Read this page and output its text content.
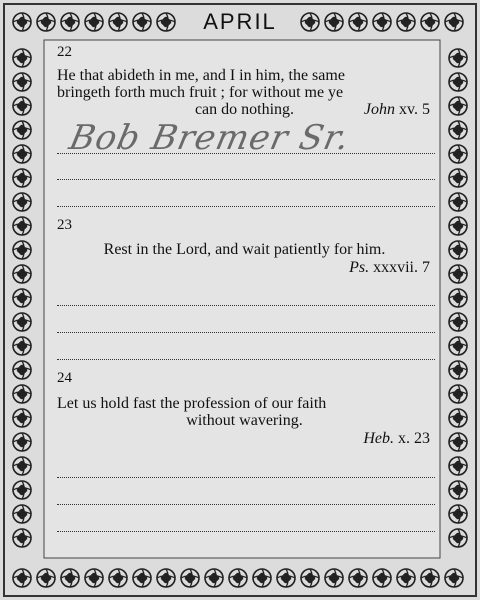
APRIL
22
He that abideth in me, and I in him, the same
bringeth forth much fruit ; for without me ye
can do nothing.	John xv. 5
Bob Bremer Sr.
23
Rest in the Lord, and wait patiently for him.
Ps. xxxvii. 7
24
Let us hold fast the profession of our faith
without wavering.
Heb. x. 23
